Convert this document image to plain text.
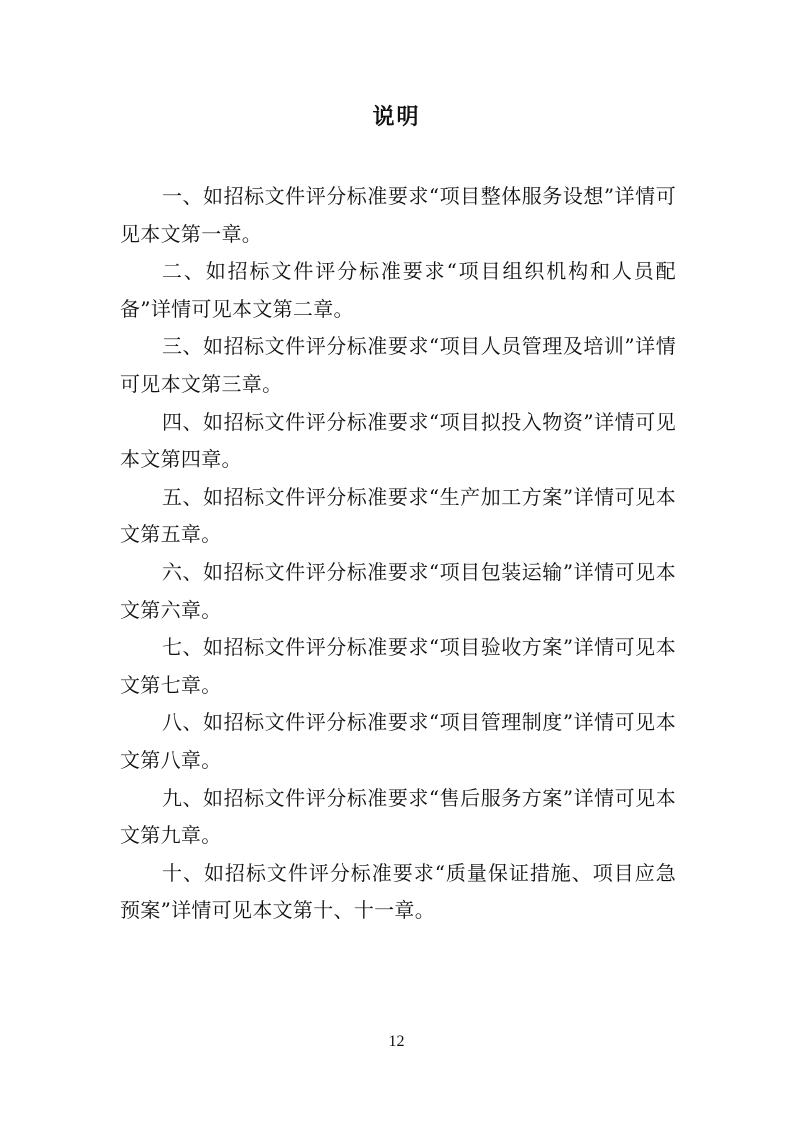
说明

一、如招标文件评分标准要求“项目整体服务设想”详情可见本文第一章。

二、如招标文件评分标准要求“项目组织机构和人员配备”详情可见本文第二章。

三、如招标文件评分标准要求“项目人员管理及培训”详情可见本文第三章。

四、如招标文件评分标准要求“项目拟投入物资”详情可见本文第四章。

五、如招标文件评分标准要求“生产加工方案”详情可见本文第五章。

六、如招标文件评分标准要求“项目包装运输”详情可见本文第六章。

七、如招标文件评分标准要求“项目验收方案”详情可见本文第七章。

八、如招标文件评分标准要求“项目管理制度”详情可见本文第八章。

九、如招标文件评分标准要求“售后服务方案”详情可见本文第九章。

十、如招标文件评分标准要求“质量保证措施、项目应急预案”详情可见本文第十、十一章。

12
